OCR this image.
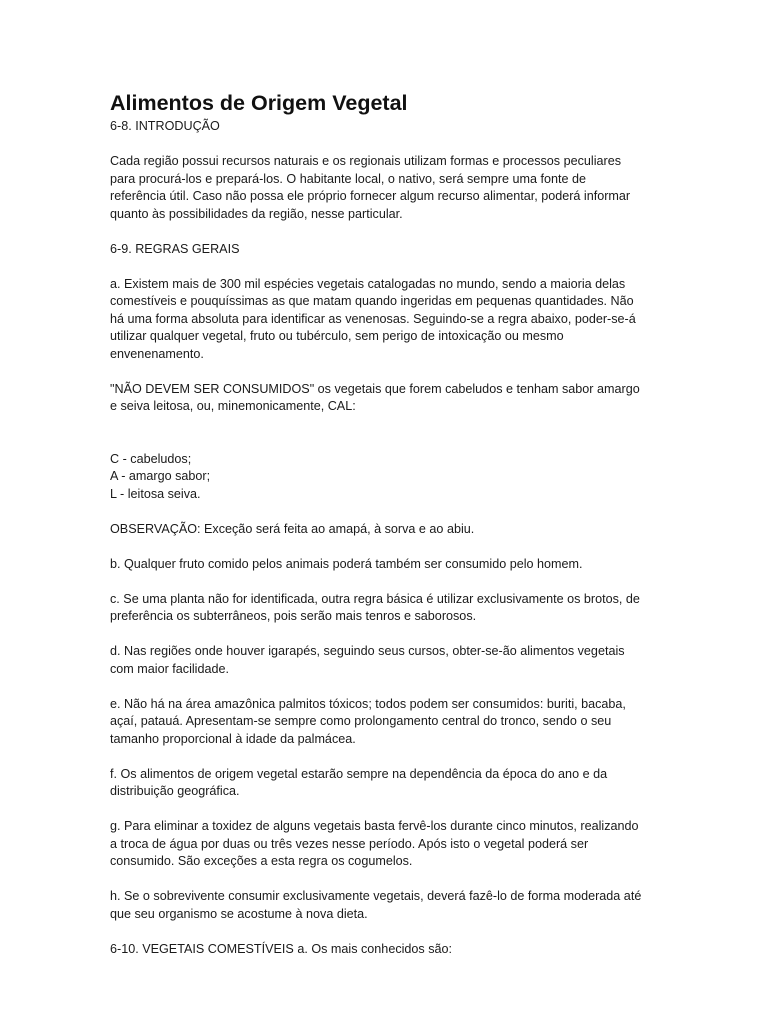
Alimentos de Origem Vegetal

6-8. INTRODUÇÃO

Cada região possui recursos naturais e os regionais utilizam formas e processos peculiares
para procurá-los e prepará-los. O habitante local, o nativo, será sempre uma fonte de
referência útil. Caso não possa ele próprio fornecer algum recurso alimentar, poderá informar
quanto às possibilidades da região, nesse particular.

6-9. REGRAS GERAIS

a. Existem mais de 300 mil espécies vegetais catalogadas no mundo, sendo a maioria delas
comestíveis e pouquíssimas as que matam quando ingeridas em pequenas quantidades. Não
há uma forma absoluta para identificar as venenosas. Seguindo-se a regra abaixo, poder-se-á
utilizar qualquer vegetal, fruto ou tubérculo, sem perigo de intoxicação ou mesmo
envenenamento.

"NÃO DEVEM SER CONSUMIDOS" os vegetais que forem cabeludos e tenham sabor amargo
e seiva leitosa, ou, minemonicamente, CAL:

C - cabeludos;

A - amargo sabor;

L - leitosa seiva.

OBSERVAÇÃO: Exceção será feita ao amapá, à sorva e ao abiu.

b. Qualquer fruto comido pelos animais poderá também ser consumido pelo homem.

c. Se uma planta não for identificada, outra regra básica é utilizar exclusivamente os brotos, de
preferência os subterrâneos, pois serão mais tenros e saborosos.

d. Nas regiões onde houver igarapés, seguindo seus cursos, obter-se-ão alimentos vegetais
com maior facilidade.

e. Não há na área amazônica palmitos tóxicos; todos podem ser consumidos: buriti, bacaba,
açaí, patauá. Apresentam-se sempre como prolongamento central do tronco, sendo o seu
tamanho proporcional à idade da palmácea.

f. Os alimentos de origem vegetal estarão sempre na dependência da época do ano e da
distribuição geográfica.

g. Para eliminar a toxidez de alguns vegetais basta fervê-los durante cinco minutos, realizando
a troca de água por duas ou três vezes nesse período. Após isto o vegetal poderá ser
consumido. São exceções a esta regra os cogumelos.

h. Se o sobrevivente consumir exclusivamente vegetais, deverá fazê-lo de forma moderada até
que seu organismo se acostume à nova dieta.

6-10. VEGETAIS COMESTÍVEIS a. Os mais conhecidos são:
